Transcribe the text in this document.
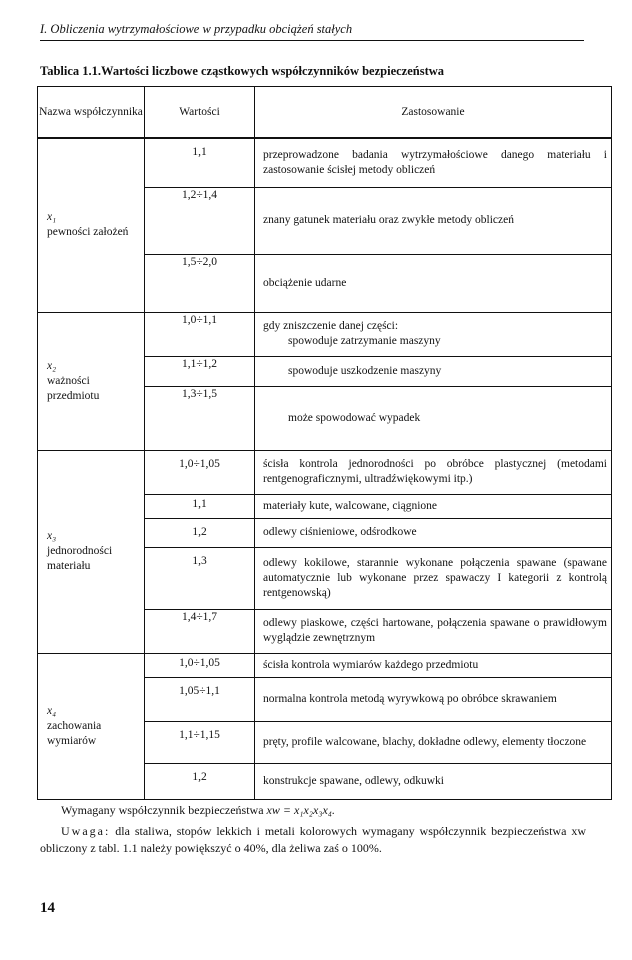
I. Obliczenia wytrzymałościowe w przypadku obciążeń stałych
Tablica 1.1.Wartości liczbowe cząstkowych współczynników bezpieczeństwa
Nazwa współczynnika	Wartości	Zastosowanie
x₁
pewności założeń	1,1	przeprowadzone badania wytrzymałościowe danego materiału i zastosowanie ścisłej metody obliczeń
	1,2÷1,4	znany gatunek materiału oraz zwykłe metody obliczeń
	1,5÷2,0	obciążenie udarne
x₂
ważności przedmiotu	1,0÷1,1	gdy zniszczenie danej części:
spowoduje zatrzymanie maszyny

	1,1÷1,2	spowoduje uszkodzenie maszyny

	1,3÷1,5	może spowodować wypadek

x₃
jednorodności materiału	1,0÷1,05	ścisła kontrola jednorodności po obróbce plastycznej (metodami rentgenograficznymi, ultradźwiękowymi itp.)
	1,1	materiały kute, walcowane, ciągnione
	1,2	odlewy ciśnieniowe, odśrodkowe
	1,3	odlewy kokilowe, starannie wykonane połączenia spawane (spawane automatycznie lub wykonane przez spawaczy I kategorii z kontrolą rentgenowską)
	1,4÷1,7	odlewy piaskowe, części hartowane, połączenia spawane o prawidłowym wyglądzie zewnętrznym
x₄
zachowania wymiarów	1,0÷1,05	ścisła kontrola wymiarów każdego przedmiotu
	1,05÷1,1	normalna kontrola metodą wyrywkową po obróbce skrawaniem
	1,1÷1,15	pręty, profile walcowane, blachy, dokładne odlewy, elementy tłoczone
	1,2	konstrukcje spawane, odlewy, odkuwki
Wymagany współczynnik bezpieczeństwa xw = x₁x₂x₃x₄.
Uwaga: dla staliwa, stopów lekkich i metali kolorowych wymagany współczynnik bezpieczeństwa xw obliczony z tabl. 1.1 należy powiększyć o 40%, dla żeliwa zaś o 100%.
14
